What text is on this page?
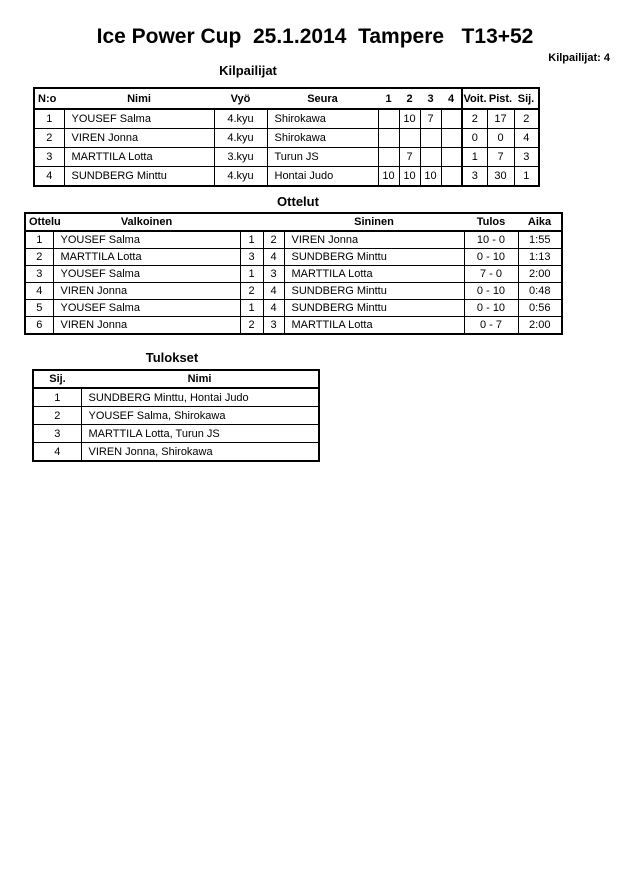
Ice Power Cup  25.1.2014  Tampere   T13+52
Kilpailijat: 4
Kilpailijat
N:o	Nimi	Vyö	Seura	1	2	3	4	Voit.	Pist.	Sij.
1	YOUSEF Salma	4.kyu	Shirokawa		10	7		2	17	2
2	VIREN Jonna	4.kyu	Shirokawa					0	0	4
3	MARTTILA Lotta	3.kyu	Turun JS		7			1	7	3
4	SUNDBERG Minttu	4.kyu	Hontai Judo	10	10	10		3	30	1
Ottelut
Ottelu	Valkoinen			Sininen	Tulos	Aika
1	YOUSEF Salma	1	2	VIREN Jonna	10 - 0	1:55
2	MARTTILA Lotta	3	4	SUNDBERG Minttu	0 - 10	1:13
3	YOUSEF Salma	1	3	MARTTILA Lotta	7 - 0	2:00
4	VIREN Jonna	2	4	SUNDBERG Minttu	0 - 10	0:48
5	YOUSEF Salma	1	4	SUNDBERG Minttu	0 - 10	0:56
6	VIREN Jonna	2	3	MARTTILA Lotta	0 - 7	2:00
Tulokset
Sij.	Nimi
1	SUNDBERG Minttu, Hontai Judo
2	YOUSEF Salma, Shirokawa
3	MARTTILA Lotta, Turun JS
4	VIREN Jonna, Shirokawa
